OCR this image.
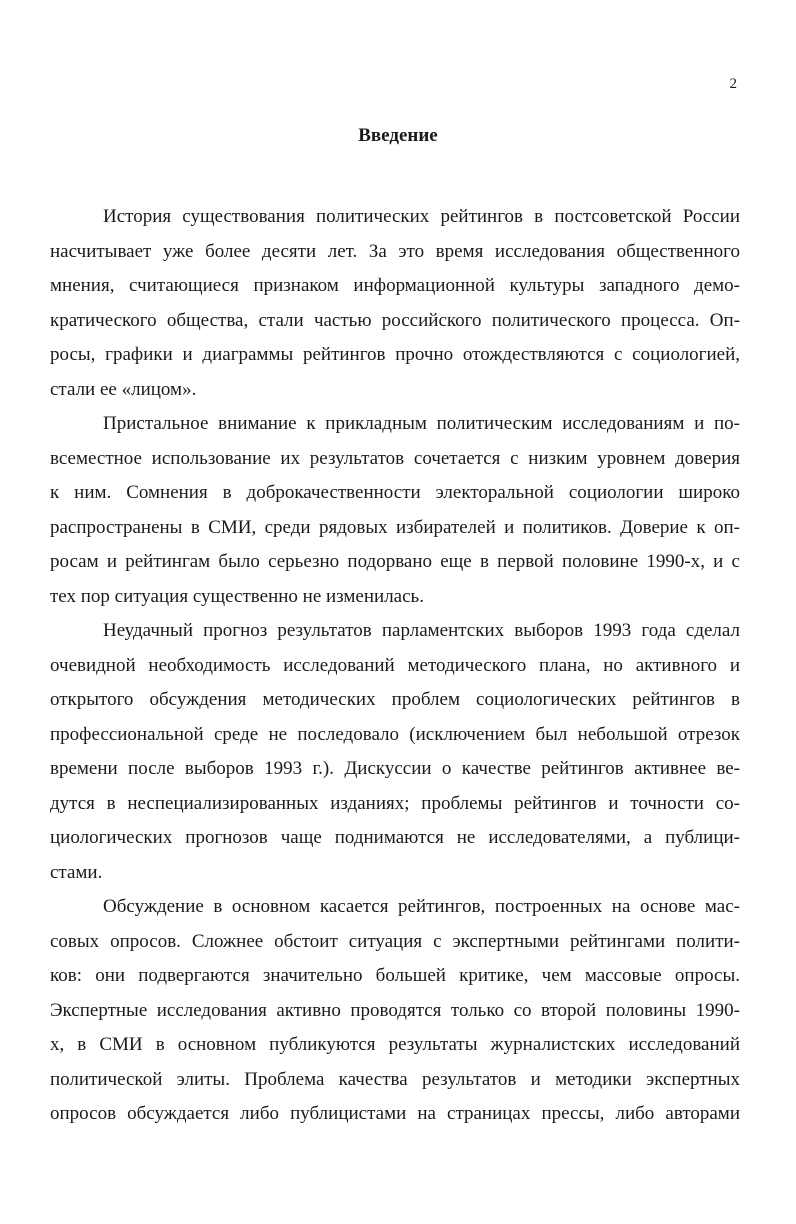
2
Введение

История существования политических рейтингов в постсоветской России
насчитывает уже более десяти лет. За это время исследования общественного
мнения, считающиеся признаком информационной культуры западного демо-
кратического общества, стали частью российского политического процесса. Оп-
росы, графики и диаграммы рейтингов прочно отождествляются с социологией,
стали ее «лицом».

Пристальное внимание к прикладным политическим исследованиям и по-
всеместное использование их результатов сочетается с низким уровнем доверия
к ним. Сомнения в доброкачественности электоральной социологии широко
распространены в СМИ, среди рядовых избирателей и политиков. Доверие к оп-
росам и рейтингам было серьезно подорвано еще в первой половине 1990-х, и с
тех пор ситуация существенно не изменилась.

Неудачный прогноз результатов парламентских выборов 1993 года сделал
очевидной необходимость исследований методического плана, но активного и
открытого обсуждения методических проблем социологических рейтингов в
профессиональной среде не последовало (исключением был небольшой отрезок
времени после выборов 1993 г.). Дискуссии о качестве рейтингов активнее ве-
дутся в неспециализированных изданиях; проблемы рейтингов и точности со-
циологических прогнозов чаще поднимаются не исследователями, а публици-
стами.

Обсуждение в основном касается рейтингов, построенных на основе мас-
совых опросов. Сложнее обстоит ситуация с экспертными рейтингами полити-
ков: они подвергаются значительно большей критике, чем массовые опросы.
Экспертные исследования активно проводятся только со второй половины 1990-
х, в СМИ в основном публикуются результаты журналистских исследований
политической элиты. Проблема качества результатов и методики экспертных
опросов обсуждается либо публицистами на страницах прессы, либо авторами
